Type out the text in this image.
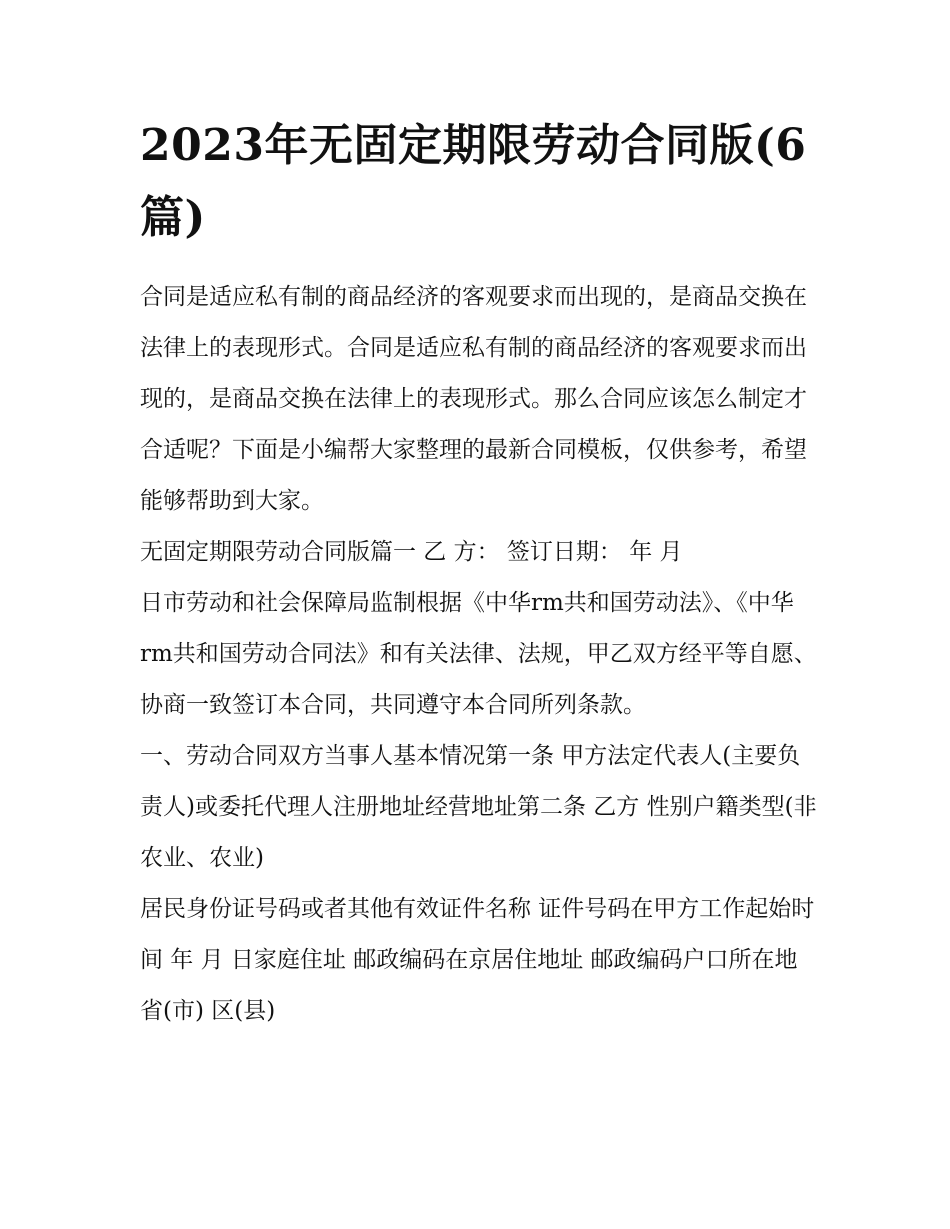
2023年无固定期限劳动合同版(6篇)

合同是适应私有制的商品经济的客观要求而出现的，是商品交换在法律上的表现形式。合同是适应私有制的商品经济的客观要求而出现的，是商品交换在法律上的表现形式。那么合同应该怎么制定才合适呢？下面是小编帮大家整理的最新合同模板，仅供参考，希望能够帮助到大家。

无固定期限劳动合同版篇一 乙 方： 签订日期： 年 月

日市劳动和社会保障局监制根据《中华rm共和国劳动法》、《中华rm共和国劳动合同法》和有关法律、法规，甲乙双方经平等自愿、协商一致签订本合同，共同遵守本合同所列条款。

一、劳动合同双方当事人基本情况第一条 甲方法定代表人(主要负责人)或委托代理人注册地址经营地址第二条 乙方 性别户籍类型(非农业、农业)

居民身份证号码或者其他有效证件名称 证件号码在甲方工作起始时间 年 月 日家庭住址 邮政编码在京居住地址 邮政编码户口所在地 省(市) 区(县)
